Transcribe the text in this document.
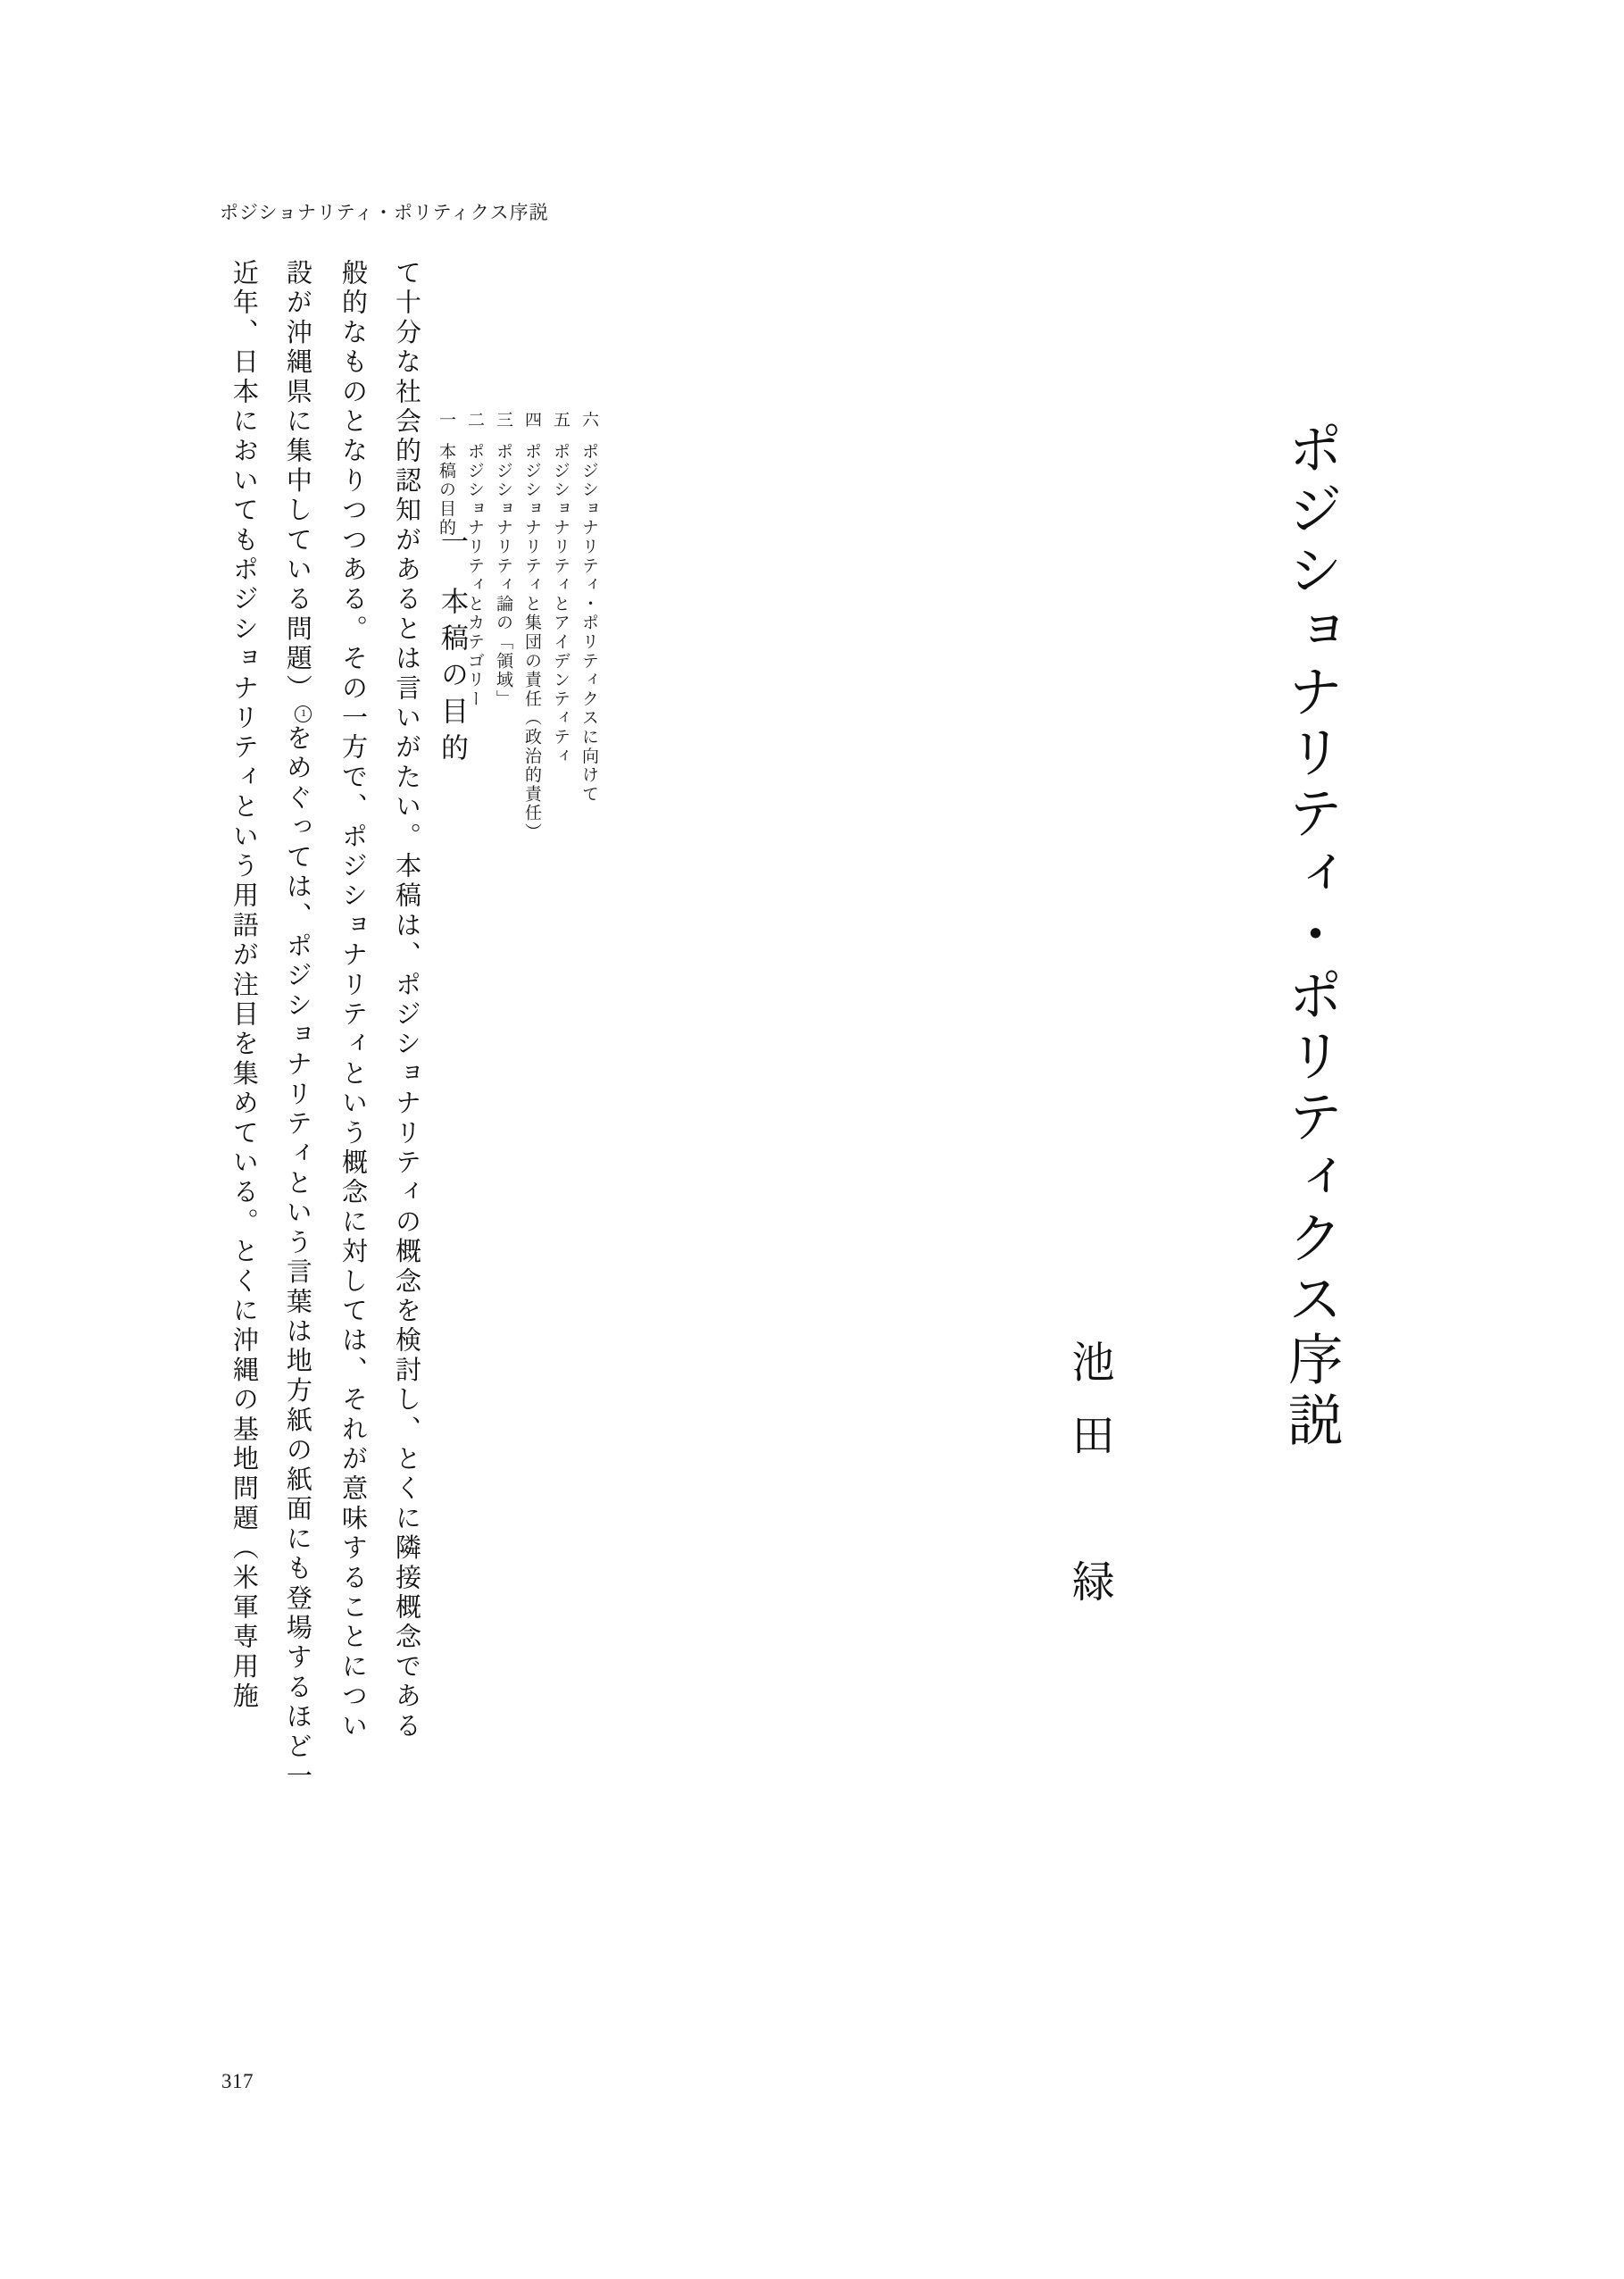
ポジショナリティ・ポリティクス序説
ポジショナリティ・ポリティクス序説
池田　緑
一本稿の目的
二ポジショナリティとカテゴリー
三ポジショナリティ論の「領域」
四ポジショナリティと集団の責任（政治的責任）
五ポジショナリティとアイデンティティ
六ポジショナリティ・ポリティクスに向けて
一本稿の目的
近年、日本においてもポジショナリティという用語が注目を集めている。とくに沖縄の基地問題（米軍専用施 設が沖縄県に集中している問題）1をめぐっては、ポジショナリティという言葉は地方紙の紙面にも登場するほど一	般的なものとなりつつある。その一方で、ポジショナリティという概念に対しては、それが意味することについ て十分な社会的認知があるとは言いがたい。本稿は、ポジショナリティの概念を検討し、とくに隣接概念である
317
